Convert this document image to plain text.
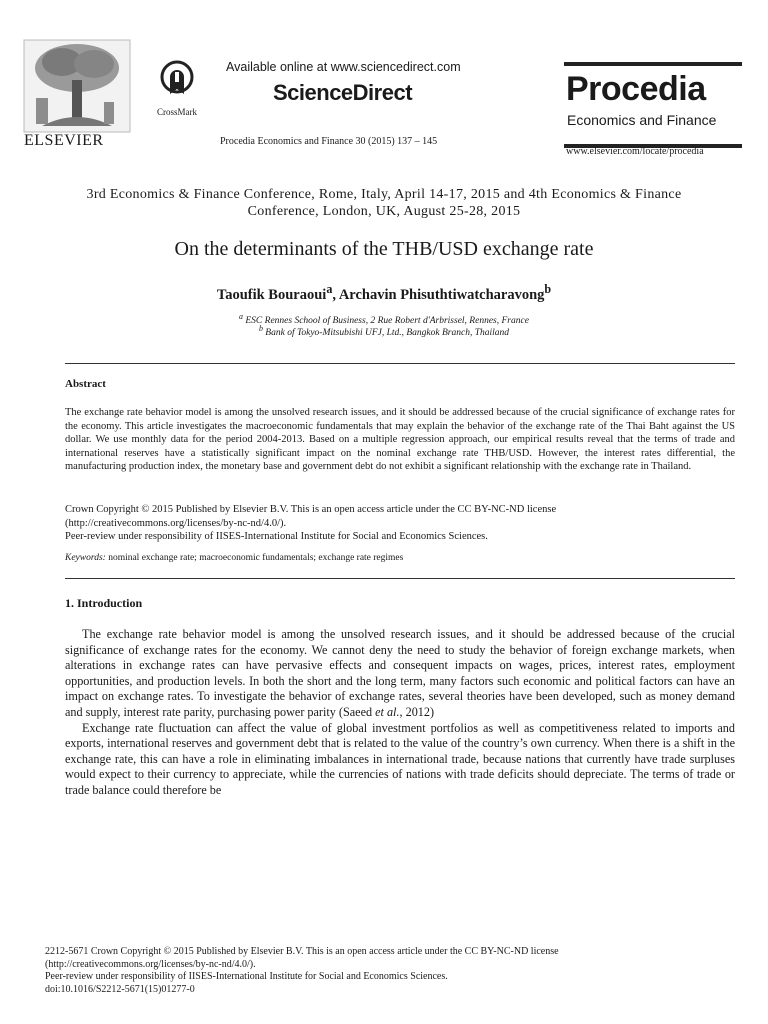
ELSEVIER
CrossMark
Available online at www.sciencedirect.com
ScienceDirect
Procedia Economics and Finance 30 (2015) 137 – 145
Procedia
Economics and Finance
www.elsevier.com/locate/procedia
3rd Economics & Finance Conference, Rome, Italy, April 14-17, 2015 and 4th Economics & Finance Conference, London, UK, August 25-28, 2015
On the determinants of the THB/USD exchange rate
Taoufik Bouraoui$^a$, Archavin Phisuthtiwatcharavong$^b$
$^a$ ESC Rennes School of Business, 2 Rue Robert d'Arbrissel, Rennes, France
$^b$ Bank of Tokyo-Mitsubishi UFJ, Ltd., Bangkok Branch, Thailand
Abstract
The exchange rate behavior model is among the unsolved research issues, and it should be addressed because of the crucial significance of exchange rates for the economy. This article investigates the macroeconomic fundamentals that may explain the behavior of the exchange rate of the Thai Baht against the US dollar. We use monthly data for the period 2004-2013. Based on a multiple regression approach, our empirical results reveal that the terms of trade and international reserves have a statistically significant impact on the nominal exchange rate THB/USD. However, the interest rates differential, the manufacturing production index, the monetary base and government debt do not exhibit a significant relationship with the exchange rate in Thailand.
Crown Copyright © 2015 Published by Elsevier B.V. This is an open access article under the CC BY-NC-ND license
(http://creativecommons.org/licenses/by-nc-nd/4.0/).
Peer-review under responsibility of IISES-International Institute for Social and Economics Sciences.
Keywords: nominal exchange rate; macroeconomic fundamentals; exchange rate regimes
1. Introduction

The exchange rate behavior model is among the unsolved research issues, and it should be addressed because of the crucial significance of exchange rates for the economy. We cannot deny the need to study the behavior of foreign exchange markets, when alterations in exchange rates can have pervasive effects and consequent impacts on wages, prices, interest rates, employment opportunities, and production levels. In both the short and the long term, many factors such economic and political factors can have an impact on exchange rates. To investigate the behavior of exchange rates, several theories have been developed, such as money demand and supply, interest rate parity, purchasing power parity (Saeed et al., 2012)

Exchange rate fluctuation can affect the value of global investment portfolios as well as competitiveness related to imports and exports, international reserves and government debt that is related to the value of the country’s own currency. When there is a shift in the exchange rate, this can have a role in eliminating imbalances in international trade, because nations that currently have trade surpluses would expect to their currency to appreciate, while the currencies of nations with trade deficits should depreciate. The terms of trade or trade balance could therefore be

2212-5671 Crown Copyright © 2015 Published by Elsevier B.V. This is an open access article under the CC BY-NC-ND license
(http://creativecommons.org/licenses/by-nc-nd/4.0/).
Peer-review under responsibility of IISES-International Institute for Social and Economics Sciences.
doi:10.1016/S2212-5671(15)01277-0
